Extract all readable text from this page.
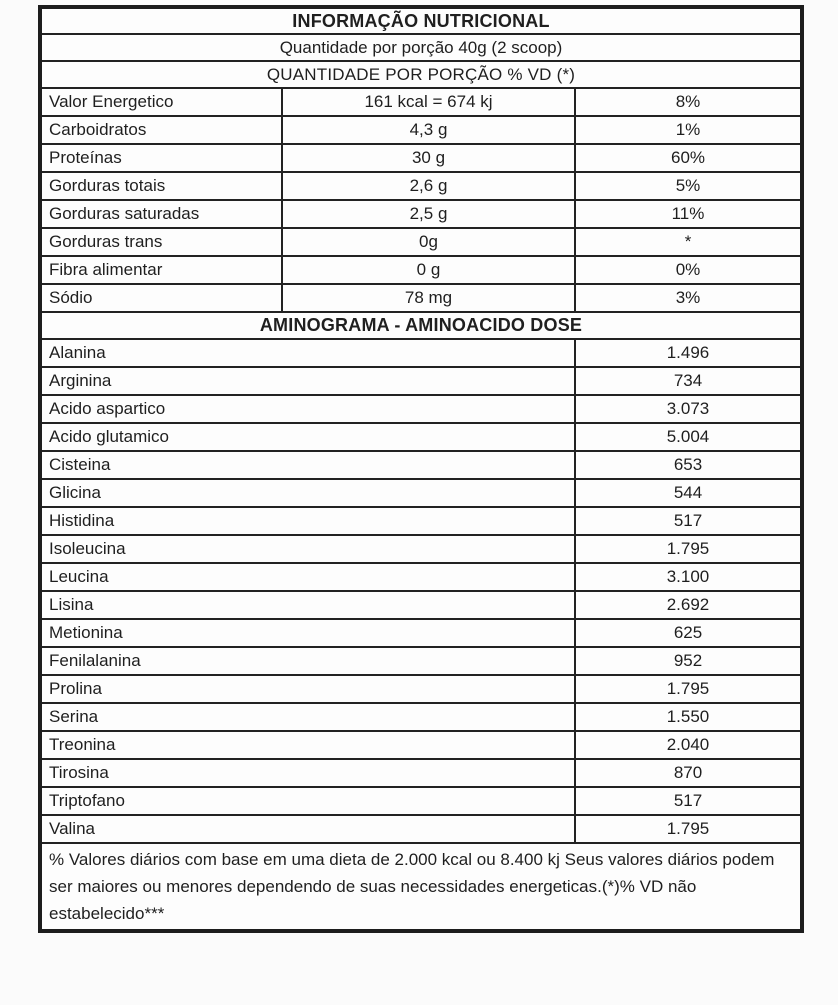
INFORMAÇÃO NUTRICIONAL		
Quantidade por porção 40g (2 scoop)		
QUANTIDADE POR PORÇÃO % VD (*)		
Valor Energetico	161 kcal = 674 kj	8%
Carboidratos	4,3 g	1%
Proteínas	30 g	60%
Gorduras totais	2,6 g	5%
Gorduras saturadas	2,5 g	11%
Gorduras trans	0g	*
Fibra alimentar	0 g	0%
Sódio	78 mg	3%
AMINOGRAMA - AMINOACIDO DOSE		
Alanina		1.496
Arginina		734
Acido aspartico		3.073
Acido glutamico		5.004
Cisteina		653
Glicina		544
Histidina		517
Isoleucina		1.795
Leucina		3.100
Lisina		2.692
Metionina		625
Fenilalanina		952
Prolina		1.795
Serina		1.550
Treonina		2.040
Tirosina		870
Triptofano		517
Valina		1.795
% Valores diários com base em uma dieta de 2.000 kcal ou 8.400 kj Seus valores diários podem ser maiores ou menores dependendo de suas necessidades energeticas.(*)% VD não estabelecido***		
